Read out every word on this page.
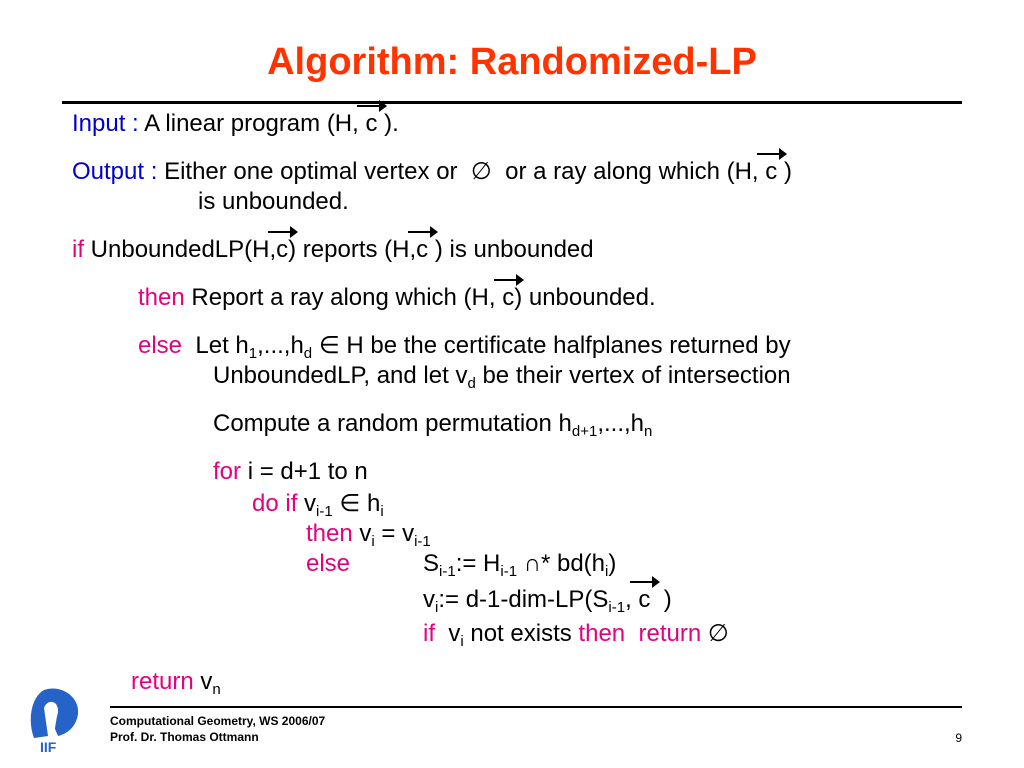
Algorithm: Randomized-LP
Input : A linear program (H, c ).
Output : Either one optimal vertex or ∅ or a ray along which (H, c )
is unbounded.
if UnboundedLP(H,
c) reports (H,
c ) is unbounded
then Report a ray along which (H, c) unbounded.
else Let $h_1,...,h_d$ ∈ H be the certificate halfplanes returned by
UnboundedLP, and let $v_d$ be their vertex of intersection
Compute a random permutation $h_{d+1},...,h_n$
for i = d+1 to n
do if $v_{i-1}$ ∈ $h_i$
then $v_i = v_{i-1}$
else	$S_{i-1}:= H_{i-1}$ ∩* $bd(h_i)$
$v_i:= d-1-dim-LP(S_{i-1}$, c )
if $v_i$ not exists then return ∅
return $v_n$
IIF
Computational Geometry, WS 2006/07
Prof. Dr. Thomas Ottmann	9
